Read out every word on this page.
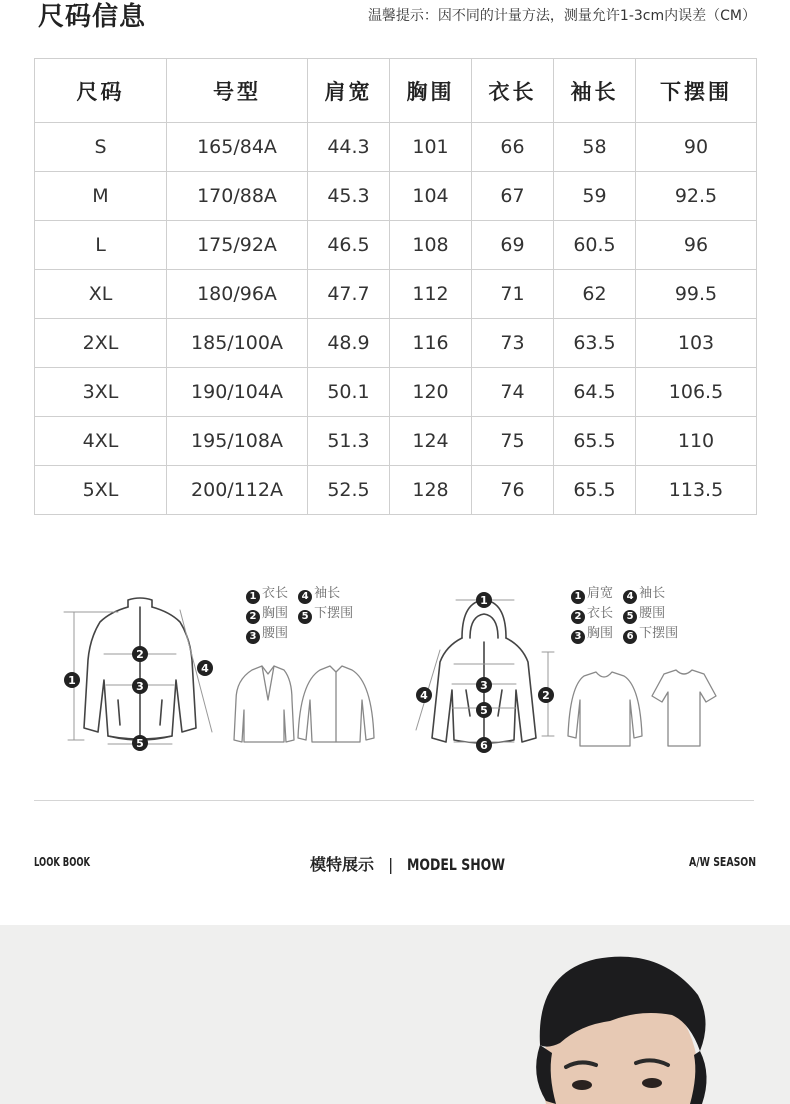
尺码信息	温馨提示：因不同的计量方法，测量允许1-3cm内误差（CM）
尺码	号型	肩宽	胸围	衣长	袖长	下摆围
S	165/84A	44.3	101	66	58	90
M	170/88A	45.3	104	67	59	92.5
L	175/92A	46.5	108	69	60.5	96
XL	180/96A	47.7	112	71	62	99.5
2XL	185/100A	48.9	116	73	63.5	103
3XL	190/104A	50.1	120	74	64.5	106.5
4XL	195/108A	51.3	124	75	65.5	110
5XL	200/112A	52.5	128	76	65.5	113.5
1
2
3
4
5
1
2
3
4
5
6
1 衣长 4 袖长
2 胸围 5 下摆围
3 腰围
1 肩宽 4 袖长
2 衣长 5 腰围
3 胸围 6 下摆围
LOOK BOOK	模特展示 | MODEL SHOW	A/W SEASON
